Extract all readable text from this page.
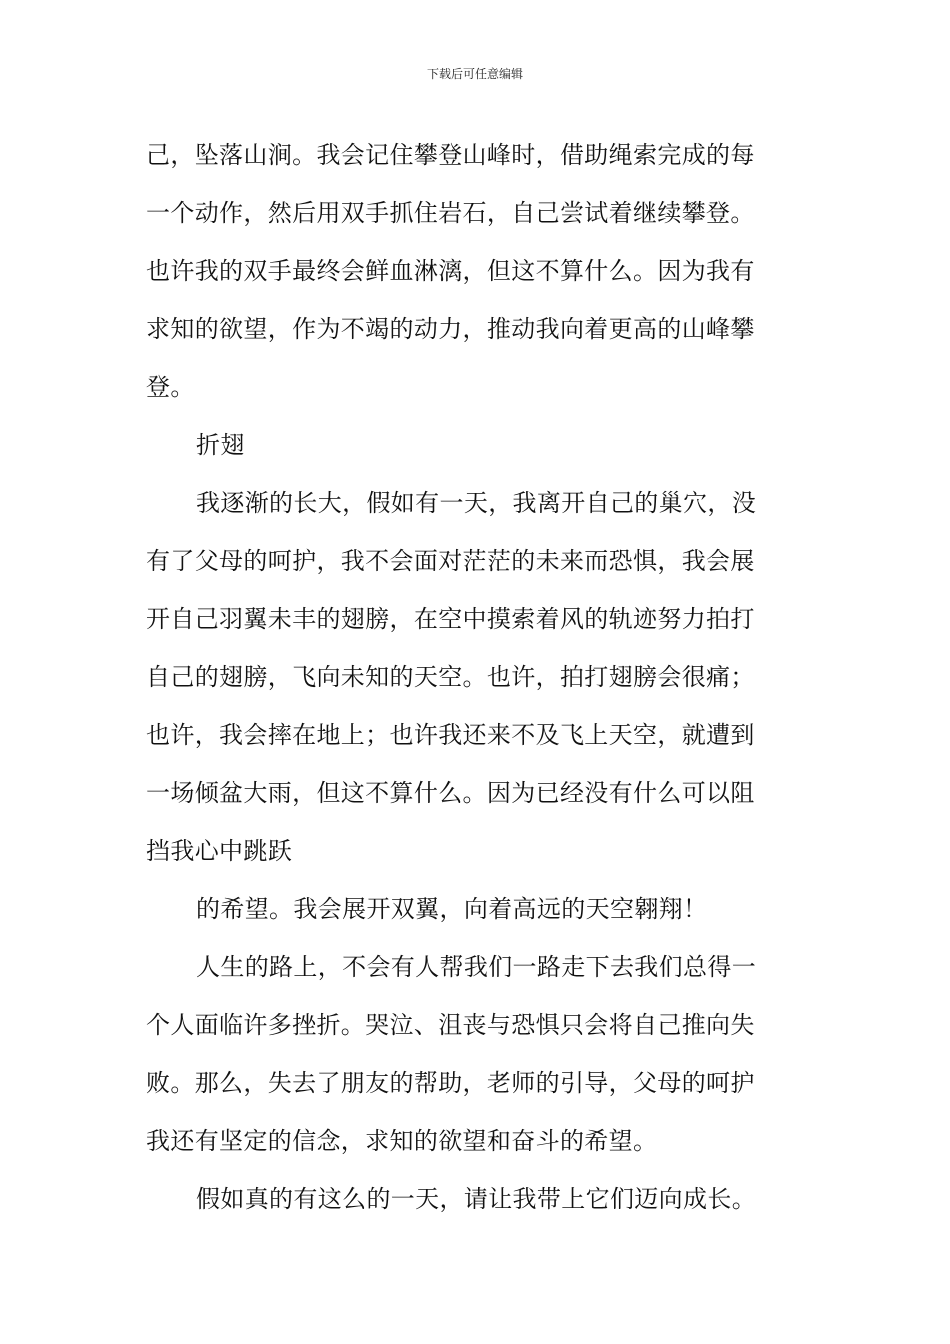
下载后可任意编辑
己，坠落山涧。我会记住攀登山峰时，借助绳索完成的每
一个动作，然后用双手抓住岩石，自己尝试着继续攀登。
也许我的双手最终会鲜血淋漓，但这不算什么。因为我有
求知的欲望，作为不竭的动力，推动我向着更高的山峰攀
登。
折翅
我逐渐的长大，假如有一天，我离开自己的巢穴，没
有了父母的呵护，我不会面对茫茫的未来而恐惧，我会展
开自己羽翼未丰的翅膀，在空中摸索着风的轨迹努力拍打
自己的翅膀，飞向未知的天空。也许，拍打翅膀会很痛；
也许，我会摔在地上；也许我还来不及飞上天空，就遭到
一场倾盆大雨，但这不算什么。因为已经没有什么可以阻
挡我心中跳跃
的希望。我会展开双翼，向着高远的天空翱翔！
人生的路上，不会有人帮我们一路走下去我们总得一
个人面临许多挫折。哭泣、沮丧与恐惧只会将自己推向失
败。那么，失去了朋友的帮助，老师的引导，父母的呵护
我还有坚定的信念，求知的欲望和奋斗的希望。
假如真的有这么的一天，请让我带上它们迈向成长。
